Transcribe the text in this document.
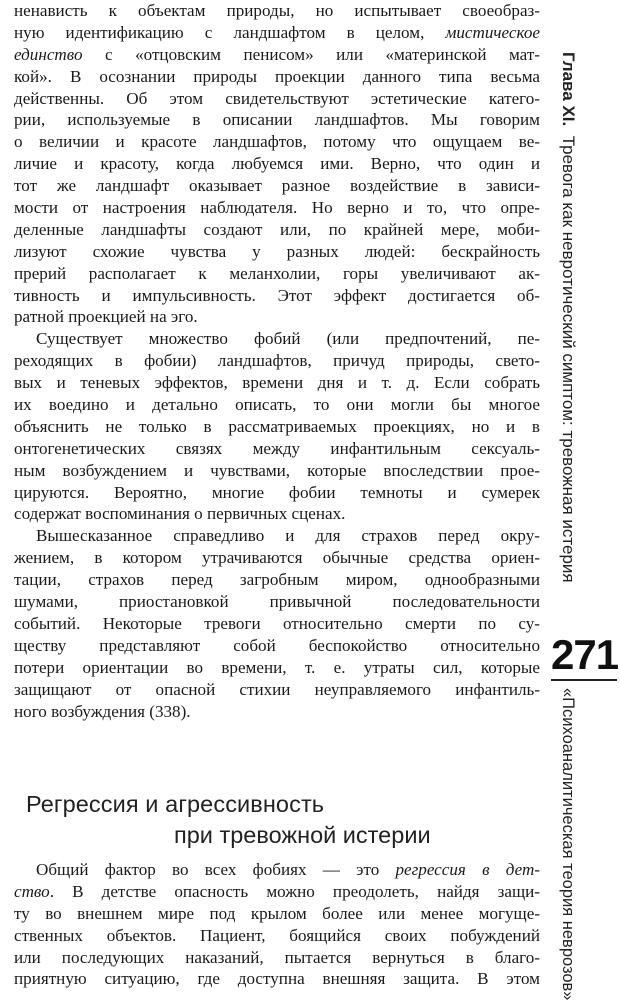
ненависть к объектам природы, но испытывает своеобраз-
ную идентификацию с ландшафтом в целом, мистическое
единство с «отцовским пенисом» или «материнской мат-
кой». В осознании природы проекции данного типа весьма
действенны. Об этом свидетельствуют эстетические катего-
рии, используемые в описании ландшафтов. Мы говорим
о величии и красоте ландшафтов, потому что ощущаем ве-
личие и красоту, когда любуемся ими. Верно, что один и
тот же ландшафт оказывает разное воздействие в зависи-
мости от настроения наблюдателя. Но верно и то, что опре-
деленные ландшафты создают или, по крайней мере, моби-
лизуют схожие чувства у разных людей: бескрайность
прерий располагает к меланхолии, горы увеличивают ак-
тивность и импульсивность. Этот эффект достигается об-
ратной проекцией на эго.
Существует множество фобий (или предпочтений, пе-
реходящих в фобии) ландшафтов, причуд природы, свето-
вых и теневых эффектов, времени дня и т. д. Если собрать
их воедино и детально описать, то они могли бы многое
объяснить не только в рассматриваемых проекциях, но и в
онтогенетических связях между инфантильным сексуаль-
ным возбуждением и чувствами, которые впоследствии прое-
цируются. Вероятно, многие фобии темноты и сумерек
содержат воспоминания о первичных сценах.
Вышесказанное справедливо и для страхов перед окру-
жением, в котором утрачиваются обычные средства ориен-
тации, страхов перед загробным миром, однообразными
шумами, приостановкой привычной последовательности
событий. Некоторые тревоги относительно смерти по су-
ществу представляют собой беспокойство относительно
потери ориентации во времени, т. е. утраты сил, которые
защищают от опасной стихии неуправляемого инфантиль-
ного возбуждения (338).
Регрессия и агрессивность
при тревожной истерии
Общий фактор во всех фобиях — это регрессия в дет-
ство. В детстве опасность можно преодолеть, найдя защи-
ту во внешнем мире под крылом более или менее могуще-
ственных объектов. Пациент, боящийся своих побуждений
или последующих наказаний, пытается вернуться в благо-
приятную ситуацию, где доступна внешняя защита. В этом
Глава XI.  Тревога как невротический симптом: тревожная истерия
271
«Психоаналитическая теория неврозов»
